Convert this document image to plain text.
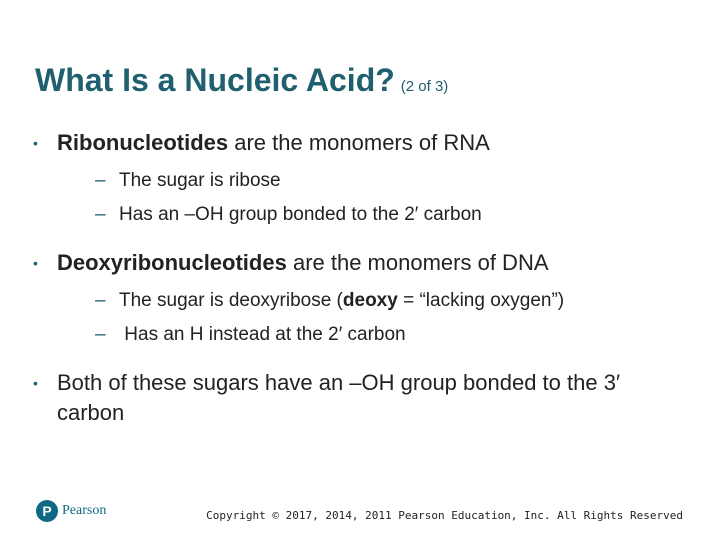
What Is a Nucleic Acid? (2 of 3)
• Ribonucleotides are the monomers of RNA
– The sugar is ribose
– Has an –OH group bonded to the 2′ carbon
• Deoxyribonucleotides are the monomers of DNA
– The sugar is deoxyribose (deoxy = “lacking oxygen”)
– Has an H instead at the 2′ carbon
• Both of these sugars have an –OH group bonded to the 3′ carbon
P Pearson	Copyright © 2017, 2014, 2011 Pearson Education, Inc. All Rights Reserved
